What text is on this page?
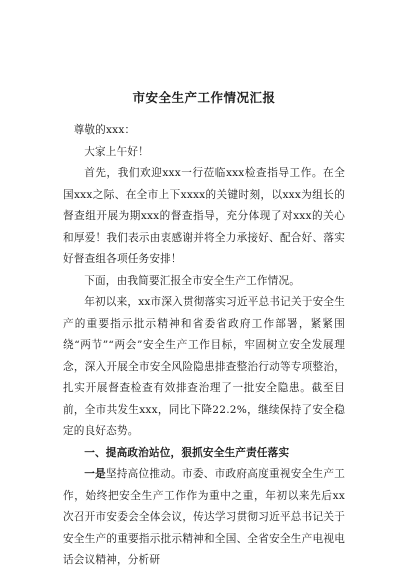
市安全生产工作情况汇报

尊敬的xxx：

大家上午好！

首先，我们欢迎xxx一行莅临xxx检查指导工作。在全国xxx之际、在全市上下xxxx的关键时刻，以xxx为组长的督查组开展为期xxx的督查指导，充分体现了对xxx的关心和厚爱！我们表示由衷感谢并将全力承接好、配合好、落实好督查组各项任务安排！

下面，由我简要汇报全市安全生产工作情况。

年初以来，xx市深入贯彻落实习近平总书记关于安全生产的重要指示批示精神和省委省政府工作部署，紧紧围绕“两节”“两会”安全生产工作目标，牢固树立安全发展理念，深入开展全市安全风险隐患排查整治行动等专项整治，扎实开展督查检查有效排查治理了一批安全隐患。截至目前，全市共发生xxx，同比下降22.2%，继续保持了安全稳定的良好态势。

一、提高政治站位，狠抓安全生产责任落实

一是坚持高位推动。市委、市政府高度重视安全生产工作，始终把安全生产工作作为重中之重，年初以来先后xx次召开市安委会全体会议，传达学习贯彻习近平总书记关于安全生产的重要指示批示精神和全国、全省安全生产电视电话会议精神，分析研
